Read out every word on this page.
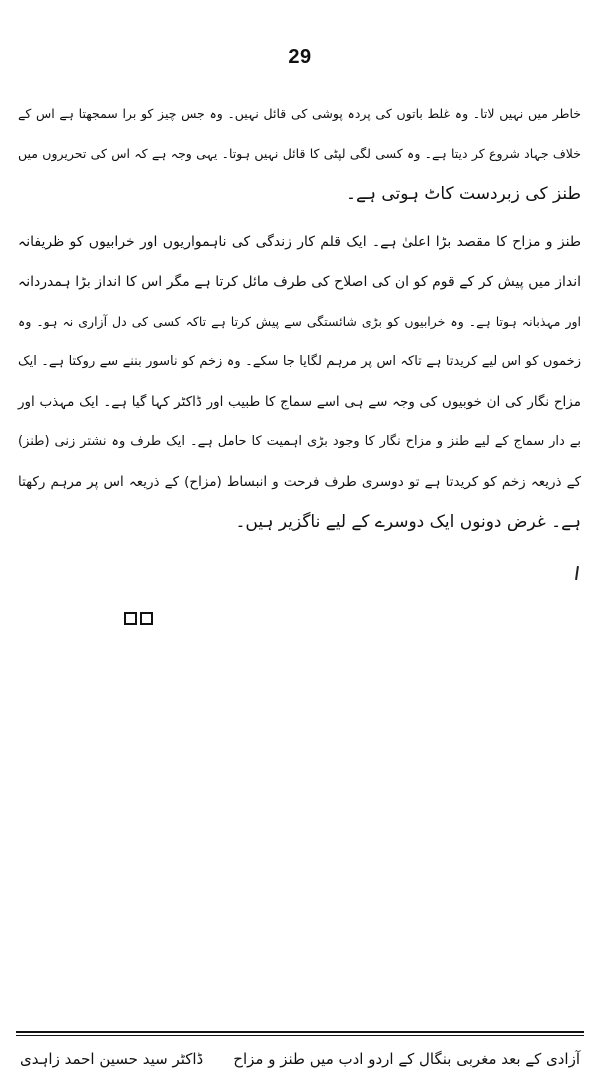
29
خاطر میں نہیں لاتا۔ وہ غلط باتوں کی پردہ پوشی کی قائل نہیں۔ وہ جس چیز کو برا سمجھتا ہے اس کے
خلاف جہاد شروع کر دیتا ہے۔ وہ کسی لگی لپٹی کا قائل نہیں ہوتا۔ یہی وجہ ہے کہ اس کی تحریروں میں
طنز کی زبردست کاٹ ہوتی ہے۔
طنز و مزاح کا مقصد بڑا اعلیٰ ہے۔ ایک قلم کار زندگی کی ناہمواریوں اور خرابیوں کو ظریفانہ
انداز میں پیش کر کے قوم کو ان کی اصلاح کی طرف مائل کرتا ہے مگر اس کا انداز بڑا ہمدردانہ
اور مہذبانہ ہوتا ہے۔ وہ خرابیوں کو بڑی شائستگی سے پیش کرتا ہے تاکہ کسی کی دل آزاری نہ ہو۔ وہ
زخموں کو اس لیے کریدتا ہے تاکہ اس پر مرہم لگایا جا سکے۔ وہ زخم کو ناسور بننے سے روکتا ہے۔ ایک
مزاح نگار کی ان خوبیوں کی وجہ سے ہی اسے سماج کا طبیب اور ڈاکٹر کہا گیا ہے۔ ایک مہذب اور
بے دار سماج کے لیے طنز و مزاح نگار کا وجود بڑی اہمیت کا حامل ہے۔ ایک طرف وہ نشتر زنی (طنز)
کے ذریعہ زخم کو کریدتا ہے تو دوسری طرف فرحت و انبساط (مزاح) کے ذریعہ اس پر مرہم رکھتا
ہے۔ غرض دونوں ایک دوسرے کے لیے ناگزیر ہیں۔
آزادی کے بعد مغربی بنگال کے اردو ادب میں طنز و مزاح
ڈاکٹر سید حسین احمد زاہدی
